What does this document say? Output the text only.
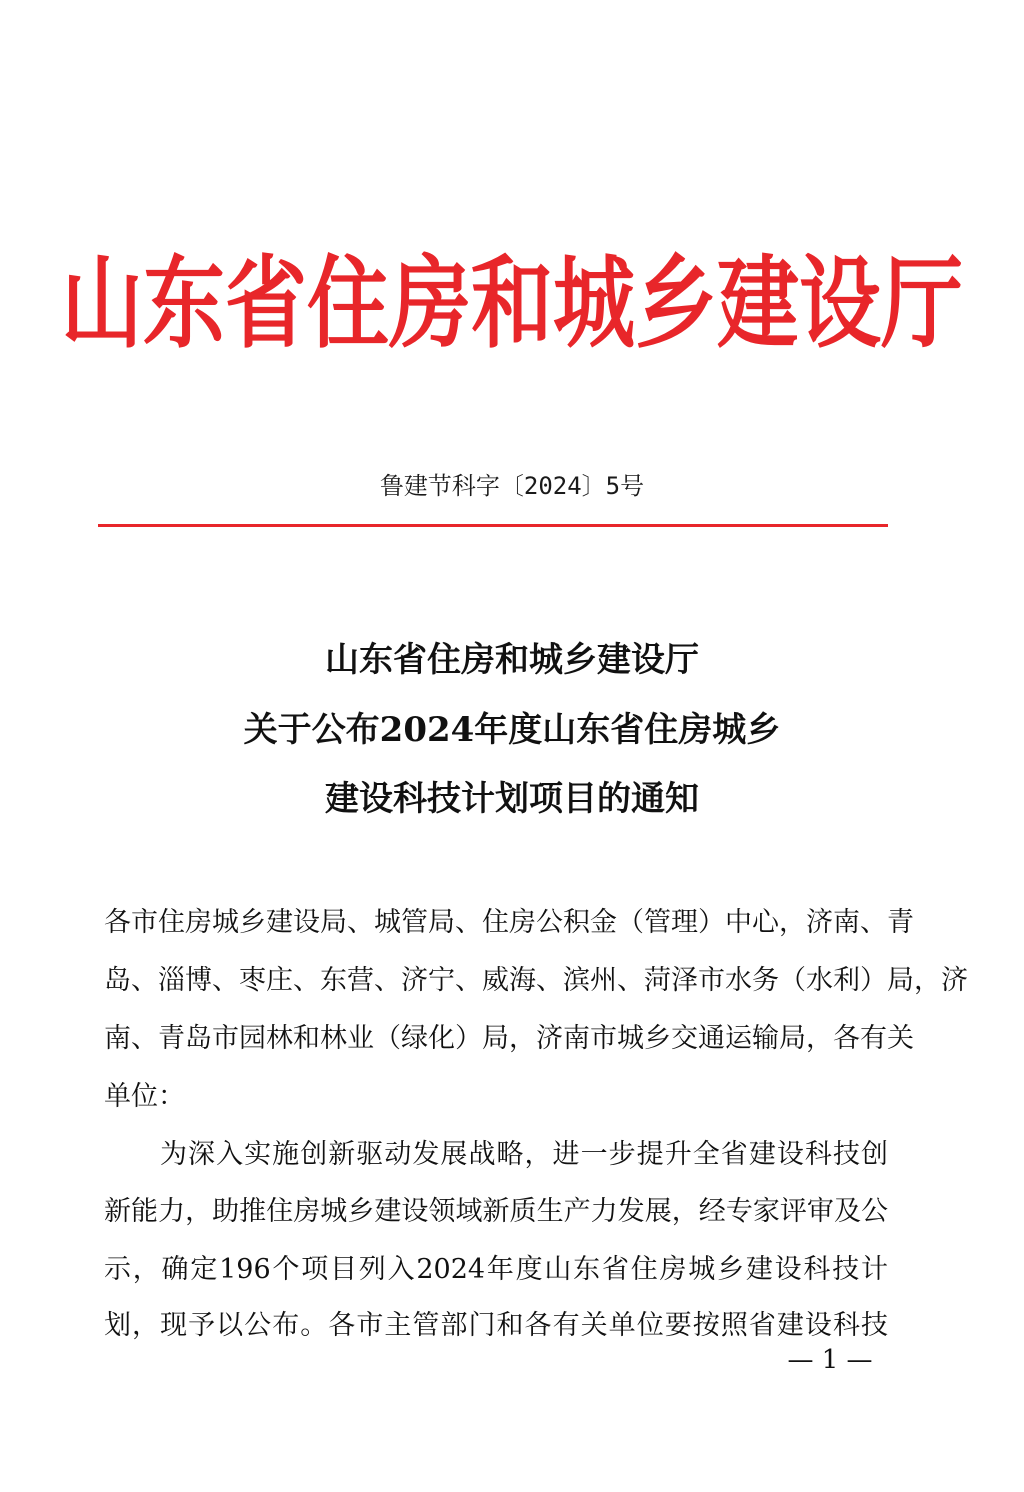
山东省住房和城乡建设厅
鲁建节科字〔2024〕5号
山东省住房和城乡建设厅
关于公布2024年度山东省住房城乡
建设科技计划项目的通知
各市住房城乡建设局、城管局、住房公积金（管理）中心，济南、青
岛、淄博、枣庄、东营、济宁、威海、滨州、菏泽市水务（水利）局，济
南、青岛市园林和林业（绿化）局，济南市城乡交通运输局，各有关
单位：
为深入实施创新驱动发展战略，进一步提升全省建设科技创
新能力，助推住房城乡建设领域新质生产力发展，经专家评审及公
示，确定196个项目列入2024年度山东省住房城乡建设科技计
划，现予以公布。各市主管部门和各有关单位要按照省建设科技
— 1 —
